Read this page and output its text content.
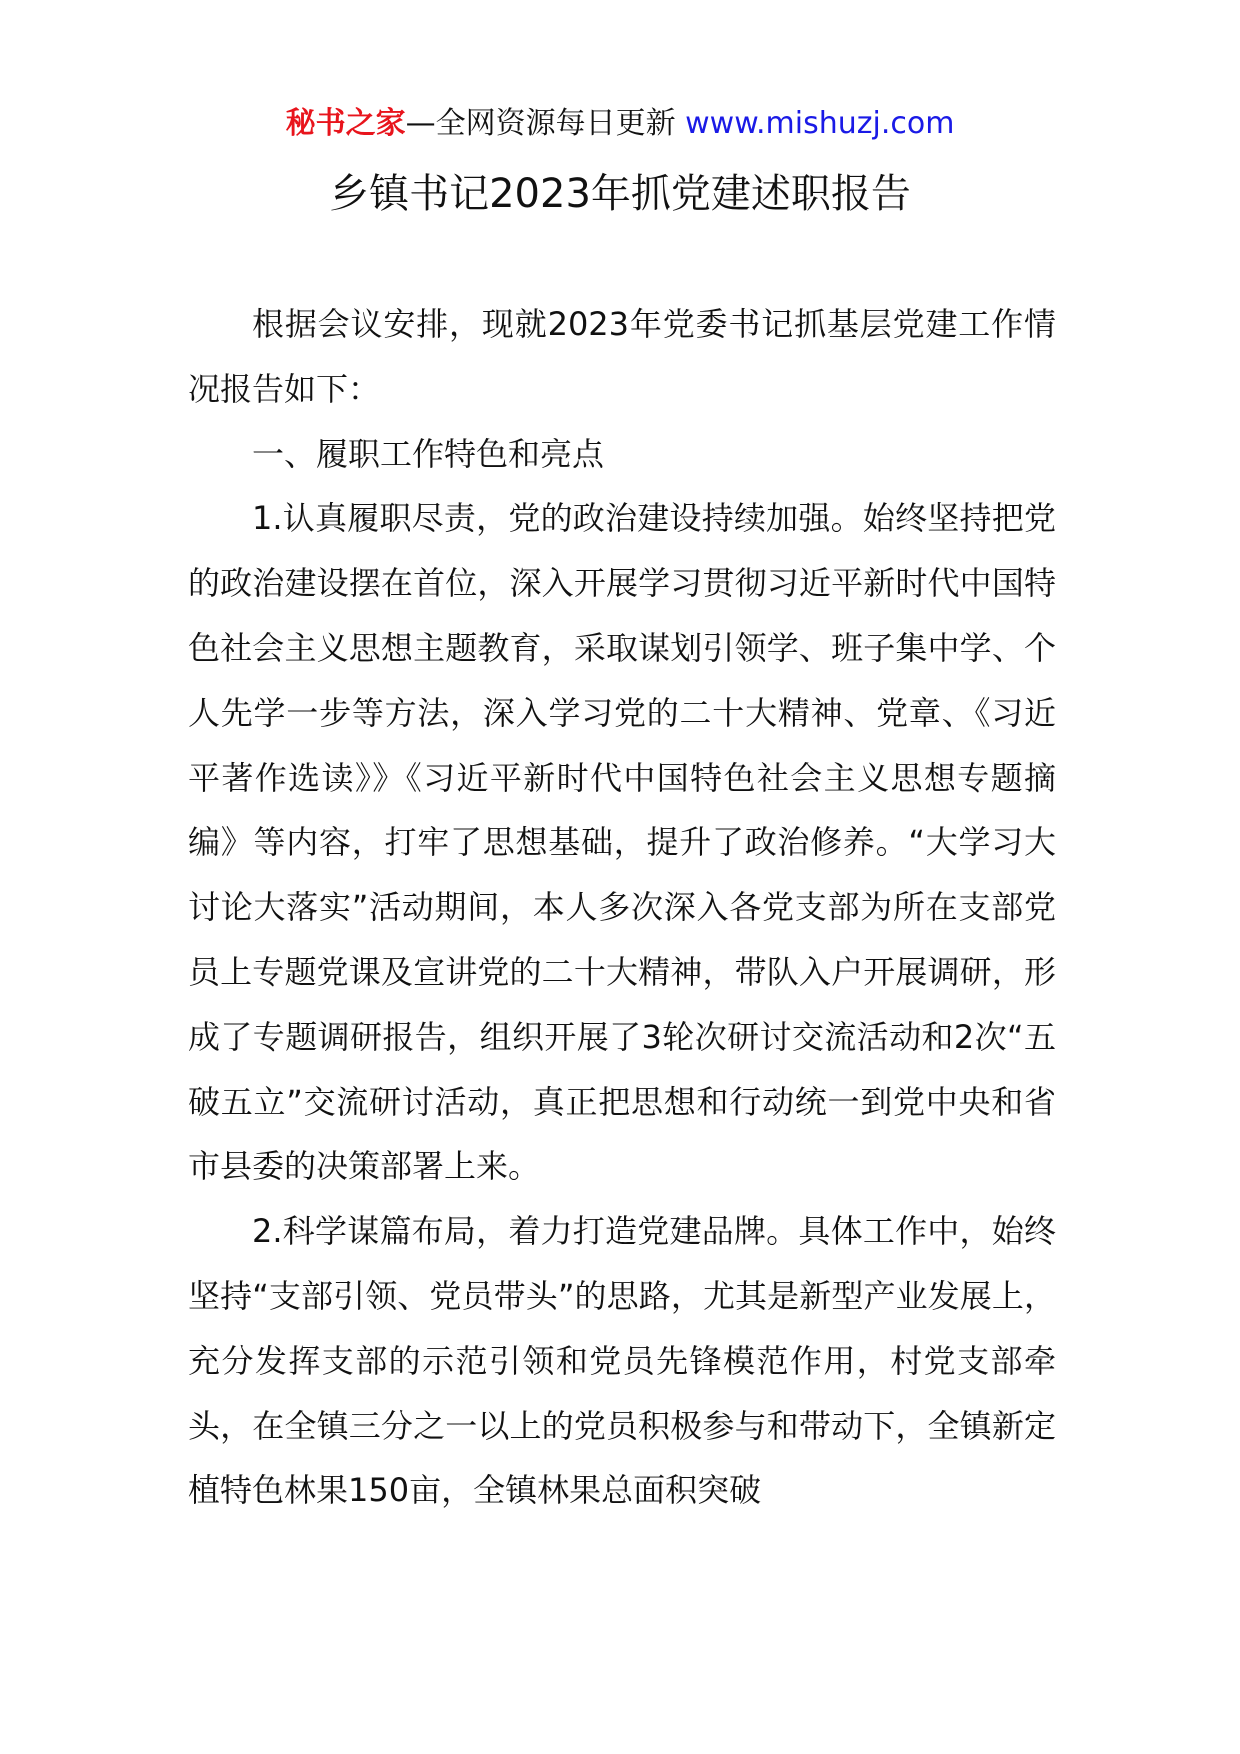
秘书之家—全网资源每日更新 www.mishuzj.com
乡镇书记2023年抓党建述职报告

根据会议安排，现就2023年党委书记抓基层党建工作情况报告如下：

一、履职工作特色和亮点

1.认真履职尽责，党的政治建设持续加强。始终坚持把党的政治建设摆在首位，深入开展学习贯彻习近平新时代中国特色社会主义思想主题教育，采取谋划引领学、班子集中学、个人先学一步等方法，深入学习党的二十大精神、党章、《习近平著作选读》》《习近平新时代中国特色社会主义思想专题摘编》等内容，打牢了思想基础，提升了政治修养。“大学习大讨论大落实”活动期间，本人多次深入各党支部为所在支部党员上专题党课及宣讲党的二十大精神，带队入户开展调研，形成了专题调研报告，组织开展了3轮次研讨交流活动和2次“五破五立”交流研讨活动，真正把思想和行动统一到党中央和省市县委的决策部署上来。

2.科学谋篇布局，着力打造党建品牌。具体工作中，始终坚持“支部引领、党员带头”的思路，尤其是新型产业发展上，充分发挥支部的示范引领和党员先锋模范作用，村党支部牵头，在全镇三分之一以上的党员积极参与和带动下，全镇新定植特色林果150亩，全镇林果总面积突破
